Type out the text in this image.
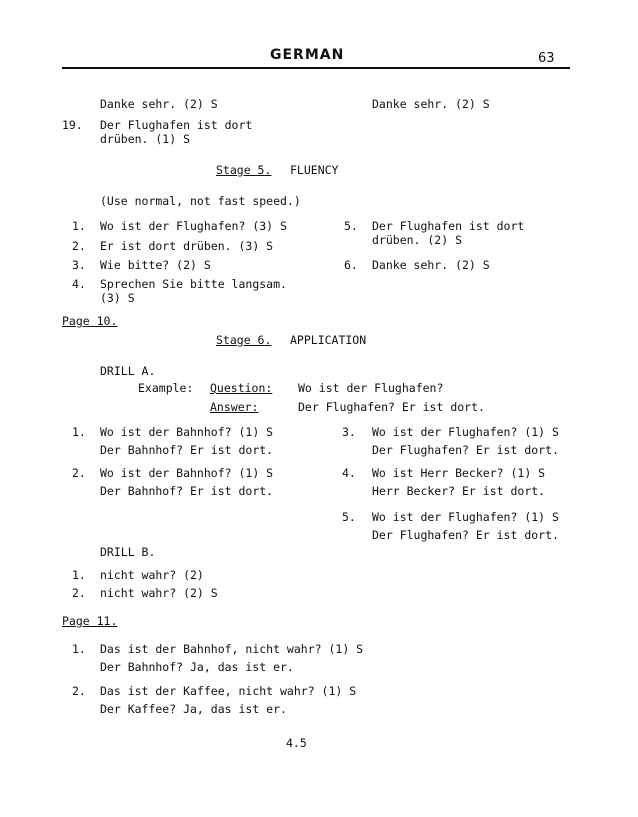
GERMAN	63
Danke sehr. (2) S	Danke sehr. (2) S
19. Der Flughafen ist dort
drüben. (1) S
Stage 5. FLUENCY
(Use normal, not fast speed.)
1. Wo ist der Flughafen? (3) S
2. Er ist dort drüben. (3) S
3. Wie bitte? (2) S
4. Sprechen Sie bitte langsam.
(3) S
5. Der Flughafen ist dort
drüben. (2) S
6. Danke sehr. (2) S
Page 10.
Stage 6. APPLICATION
DRILL A.
Example: Question: Wo ist der Flughafen?
Answer:	Der Flughafen? Er ist dort.
1. Wo ist der Bahnhof? (1) S
Der Bahnhof? Er ist dort.
2. Wo ist der Bahnhof? (1) S
Der Bahnhof? Er ist dort.
3. Wo ist der Flughafen? (1) S
Der Flughafen? Er ist dort.
4. Wo ist Herr Becker? (1) S
Herr Becker? Er ist dort.
5. Wo ist der Flughafen? (1) S
Der Flughafen? Er ist dort.
DRILL B.
1. nicht wahr? (2)
2. nicht wahr? (2) S
Page 11.
1. Das ist der Bahnhof, nicht wahr? (1) S
Der Bahnhof? Ja, das ist er.
2. Das ist der Kaffee, nicht wahr? (1) S
Der Kaffee? Ja, das ist er.
4.5
